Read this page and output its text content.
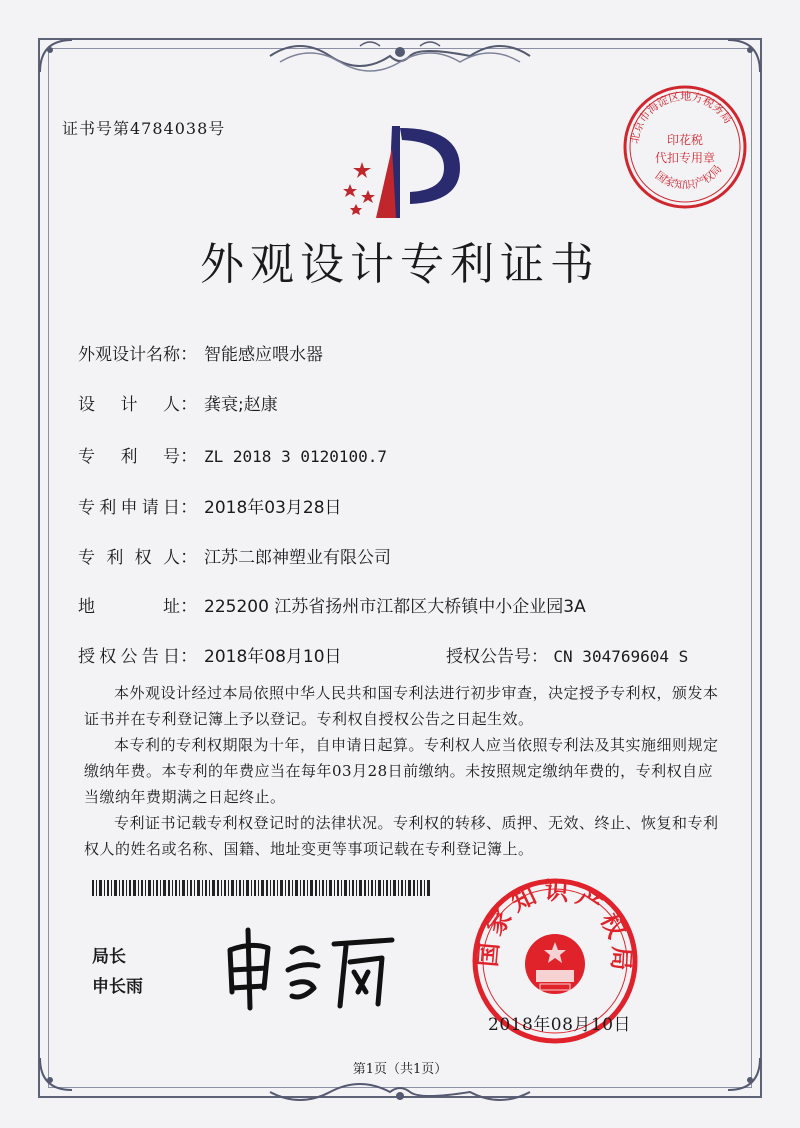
证书号第4784038号	北京市海淀区地方税务局
印花税
代扣专用章
国家知识产权局
外观设计专利证书
外观设计名称 ： 智能感应喂水器
设计人 ： 龚衰;赵康
专利号 ： ZL 2018 3 0120100.7
专利申请日 ： 2018年03月28日
专利权人 ： 江苏二郎神塑业有限公司
地址 ： 225200 江苏省扬州市江都区大桥镇中小企业园3A
授权公告日 ： 2018年08月10日	授权公告号： CN 304769604 S
本外观设计经过本局依照中华人民共和国专利法进行初步审查，决定授予专利权，颁发本证书并在专利登记簿上予以登记。专利权自授权公告之日起生效。
本专利的专利权期限为十年，自申请日起算。专利权人应当依照专利法及其实施细则规定缴纳年费。本专利的年费应当在每年03月28日前缴纳。未按照规定缴纳年费的，专利权自应当缴纳年费期满之日起终止。
专利证书记载专利权登记时的法律状况。专利权的转移、质押、无效、终止、恢复和专利权人的姓名或名称、国籍、地址变更等事项记载在专利登记簿上。
局长
申长雨
国家知识产权局
2018年08月10日
第1页（共1页）
